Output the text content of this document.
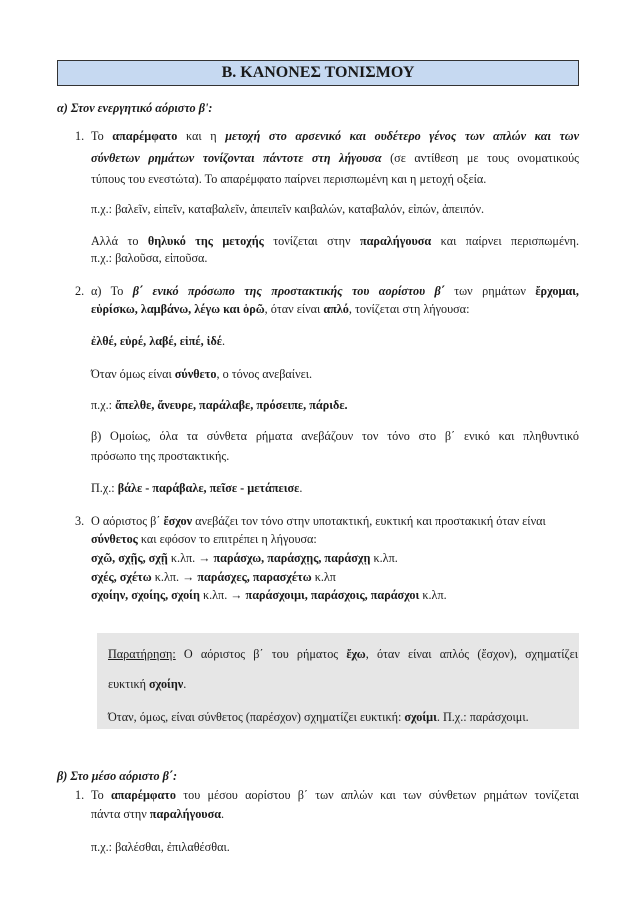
Β. ΚΑΝΟΝΕΣ ΤΟΝΙΣΜΟΥ
α) Στον ενεργητικό αόριστο β':
1. Το απαρέμφατο και η μετοχή στο αρσενικό και ουδέτερο γένος των απλών και των
σύνθετων ρημάτων τονίζονται πάντοτε στη λήγουσα (σε αντίθεση με τους ονοματικούς
τύπους του ενεστώτα). Το απαρέμφατο παίρνει περισπωμένη και η μετοχή οξεία.
π.χ.: βαλεῖν, εἰπεῖν, καταβαλεῖν, ἀπειπεῖν καιβαλών, καταβαλόν, εἰπών, ἀπειπόν.
Αλλά το θηλυκό της μετοχής τονίζεται στην παραλήγουσα και παίρνει περισπωμένη.
π.χ.: βαλοῦσα, εἰποῦσα.
2. α) Το β΄ ενικό πρόσωπο της προστακτικής του αορίστου β΄ των ρημάτων ἔρχομαι,
εὑρίσκω, λαμβάνω, λέγω και ὁρῶ, όταν είναι απλό, τονίζεται στη λήγουσα:
ἐλθέ, εὑρέ, λαβέ, εἰπέ, ἰδέ.
Όταν όμως είναι σύνθετο, ο τόνος ανεβαίνει.
π.χ.: ἄπελθε, ἄνευρε, παράλαβε, πρόσειπε, πάριδε.
β) Ομοίως, όλα τα σύνθετα ρήματα ανεβάζουν τον τόνο στο β΄ ενικό και πληθυντικό
πρόσωπο της προστακτικής.
Π.χ.: βάλε - παράβαλε, πεῖσε - μετάπεισε.
3. Ο αόριστος β΄ ἔσχον ανεβάζει τον τόνο στην υποτακτική, ευκτική και προστακική όταν είναι
σύνθετος και εφόσον το επιτρέπει η λήγουσα:
σχῶ, σχῇς, σχῇ κ.λπ. → παράσχω, παράσχῃς, παράσχῃ κ.λπ.
σχές, σχέτω κ.λπ. → παράσχες, παρασχέτω κ.λπ
σχοίην, σχοίης, σχοίη κ.λπ. → παράσχοιμι, παράσχοις, παράσχοι κ.λπ.
Παρατήρηση: Ο αόριστος β΄ του ρήματος ἔχω, όταν είναι απλός (ἔσχον), σχηματίζει
ευκτική σχοίην.
Όταν, όμως, είναι σύνθετος (παρέσχον) σχηματίζει ευκτική: σχοίμι. Π.χ.: παράσχοιμι.
β) Στο μέσο αόριστο β΄:
1. Το απαρέμφατο του μέσου αορίστου β΄ των απλών και των σύνθετων ρημάτων τονίζεται
πάντα στην παραλήγουσα.
π.χ.: βαλέσθαι, ἐπιλαθέσθαι.
